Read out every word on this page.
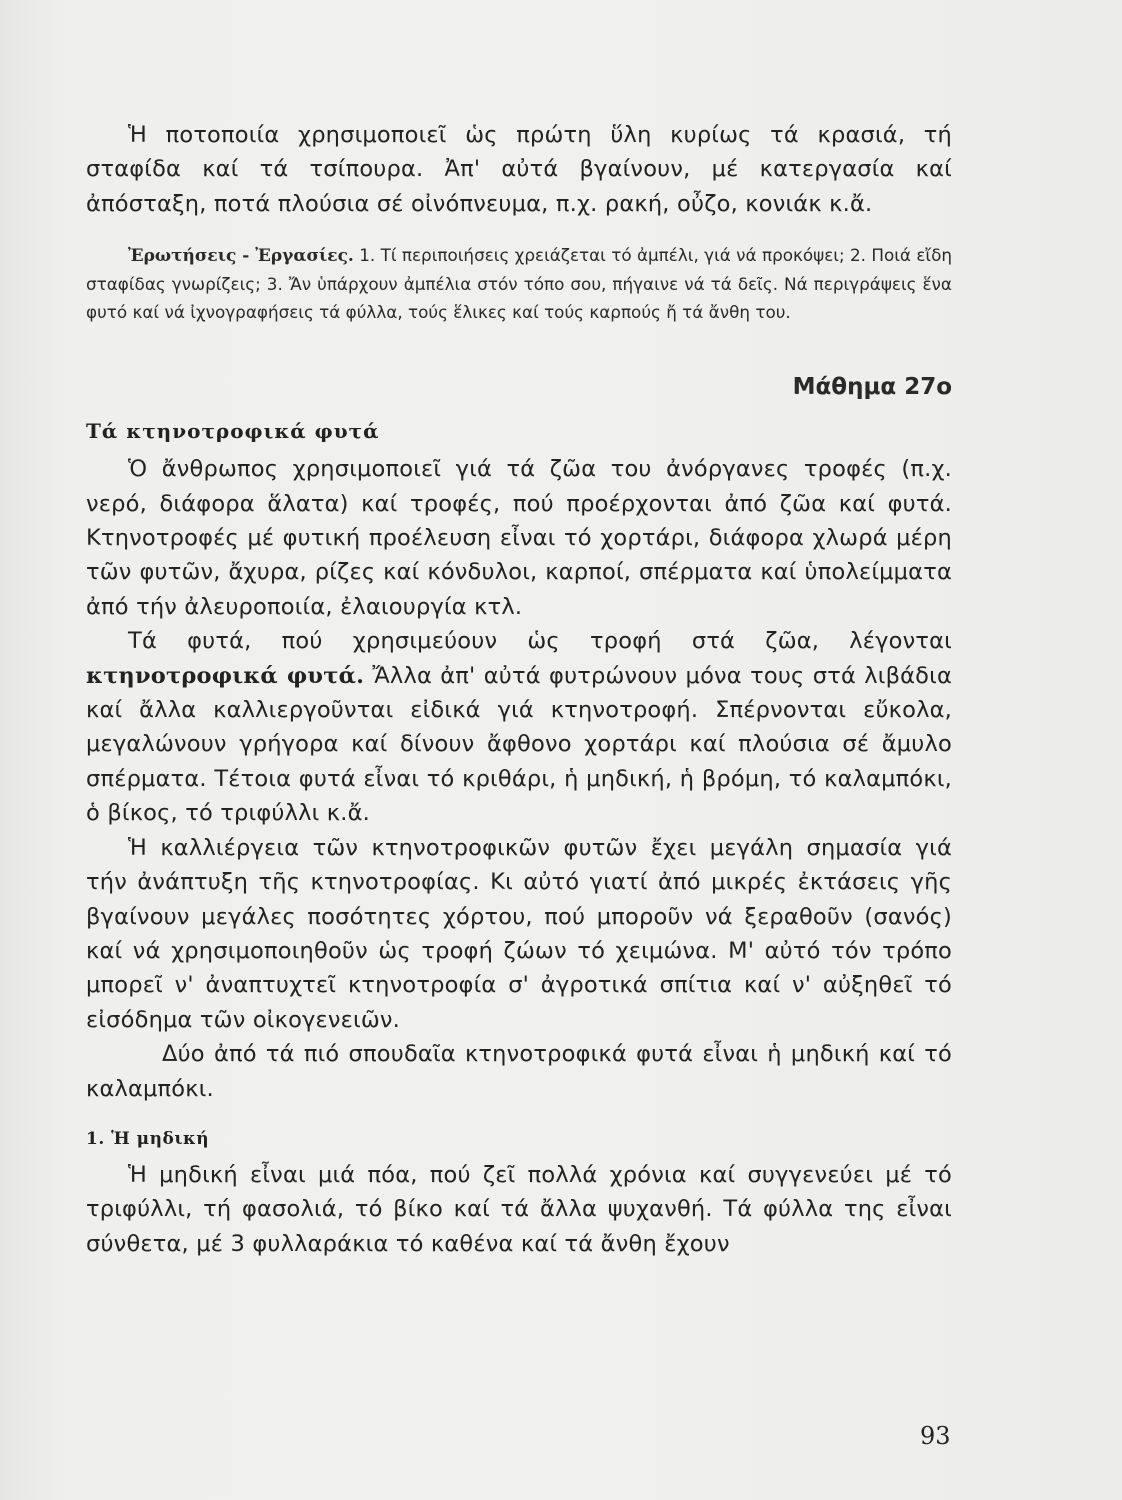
Ἡ ποτοποιία χρησιμοποιεῖ ὡς πρώτη ὕλη κυρίως τά κρασιά, τή σταφίδα καί τά τσίπουρα. Ἀπ' αὐτά βγαίνουν, μέ κατεργασία καί ἀπόσταξη, ποτά πλούσια σέ οἰνόπνευμα, π.χ. ρακή, οὖζο, κονιάκ κ.ἄ.

Ἐρωτήσεις - Ἐργασίες. 1. Τί περιποιήσεις χρειάζεται τό ἀμπέλι, γιά νά προκόψει; 2. Ποιά εἴδη σταφίδας γνωρίζεις; 3. Ἄν ὑπάρχουν ἀμπέλια στόν τόπο σου, πήγαινε νά τά δεῖς. Νά περιγράψεις ἕνα φυτό καί νά ἰχνογραφήσεις τά φύλλα, τούς ἕλικες καί τούς καρπούς ἤ τά ἄνθη του.

Μάθημα 27ο
Τά κτηνοτροφικά φυτά

Ὁ ἄνθρωπος χρησιμοποιεῖ γιά τά ζῶα του ἀνόργανες τροφές (π.χ. νερό, διάφορα ἅλατα) καί τροφές, πού προέρχονται ἀπό ζῶα καί φυτά. Κτηνοτροφές μέ φυτική προέλευση εἶναι τό χορτάρι, διάφορα χλωρά μέρη τῶν φυτῶν, ἄχυρα, ρίζες καί κόνδυλοι, καρποί, σπέρματα καί ὑπολείμματα ἀπό τήν ἀλευροποιία, ἐλαιουργία κτλ.

Τά φυτά, πού χρησιμεύουν ὡς τροφή στά ζῶα, λέγονται κτηνοτροφικά φυτά. Ἄλλα ἀπ' αὐτά φυτρώνουν μόνα τους στά λιβάδια καί ἄλλα καλλιεργοῦνται εἰδικά γιά κτηνοτροφή. Σπέρνονται εὔκολα, μεγαλώνουν γρήγορα καί δίνουν ἄφθονο χορτάρι καί πλούσια σέ ἄμυλο σπέρματα. Τέτοια φυτά εἶναι τό κριθάρι, ἡ μηδική, ἡ βρόμη, τό καλαμπόκι, ὁ βίκος, τό τριφύλλι κ.ἄ.

Ἡ καλλιέργεια τῶν κτηνοτροφικῶν φυτῶν ἔχει μεγάλη σημασία γιά τήν ἀνάπτυξη τῆς κτηνοτροφίας. Κι αὐτό γιατί ἀπό μικρές ἐκτάσεις γῆς βγαίνουν μεγάλες ποσότητες χόρτου, πού μποροῦν νά ξεραθοῦν (σανός) καί νά χρησιμοποιηθοῦν ὡς τροφή ζώων τό χειμώνα. Μ' αὐτό τόν τρόπο μπορεῖ ν' ἀναπτυχτεῖ κτηνοτροφία σ' ἀγροτικά σπίτια καί ν' αὐξηθεῖ τό εἰσόδημα τῶν οἰκογενειῶν.

Δύο ἀπό τά πιό σπουδαῖα κτηνοτροφικά φυτά εἶναι ἡ μηδική καί τό καλαμπόκι.

1. Ἡ μηδική

Ἡ μηδική εἶναι μιά πόα, πού ζεῖ πολλά χρόνια καί συγγενεύει μέ τό τριφύλλι, τή φασολιά, τό βίκο καί τά ἄλλα ψυχανθή. Τά φύλλα της εἶναι σύνθετα, μέ 3 φυλλαράκια τό καθένα καί τά ἄνθη ἔχουν

93
